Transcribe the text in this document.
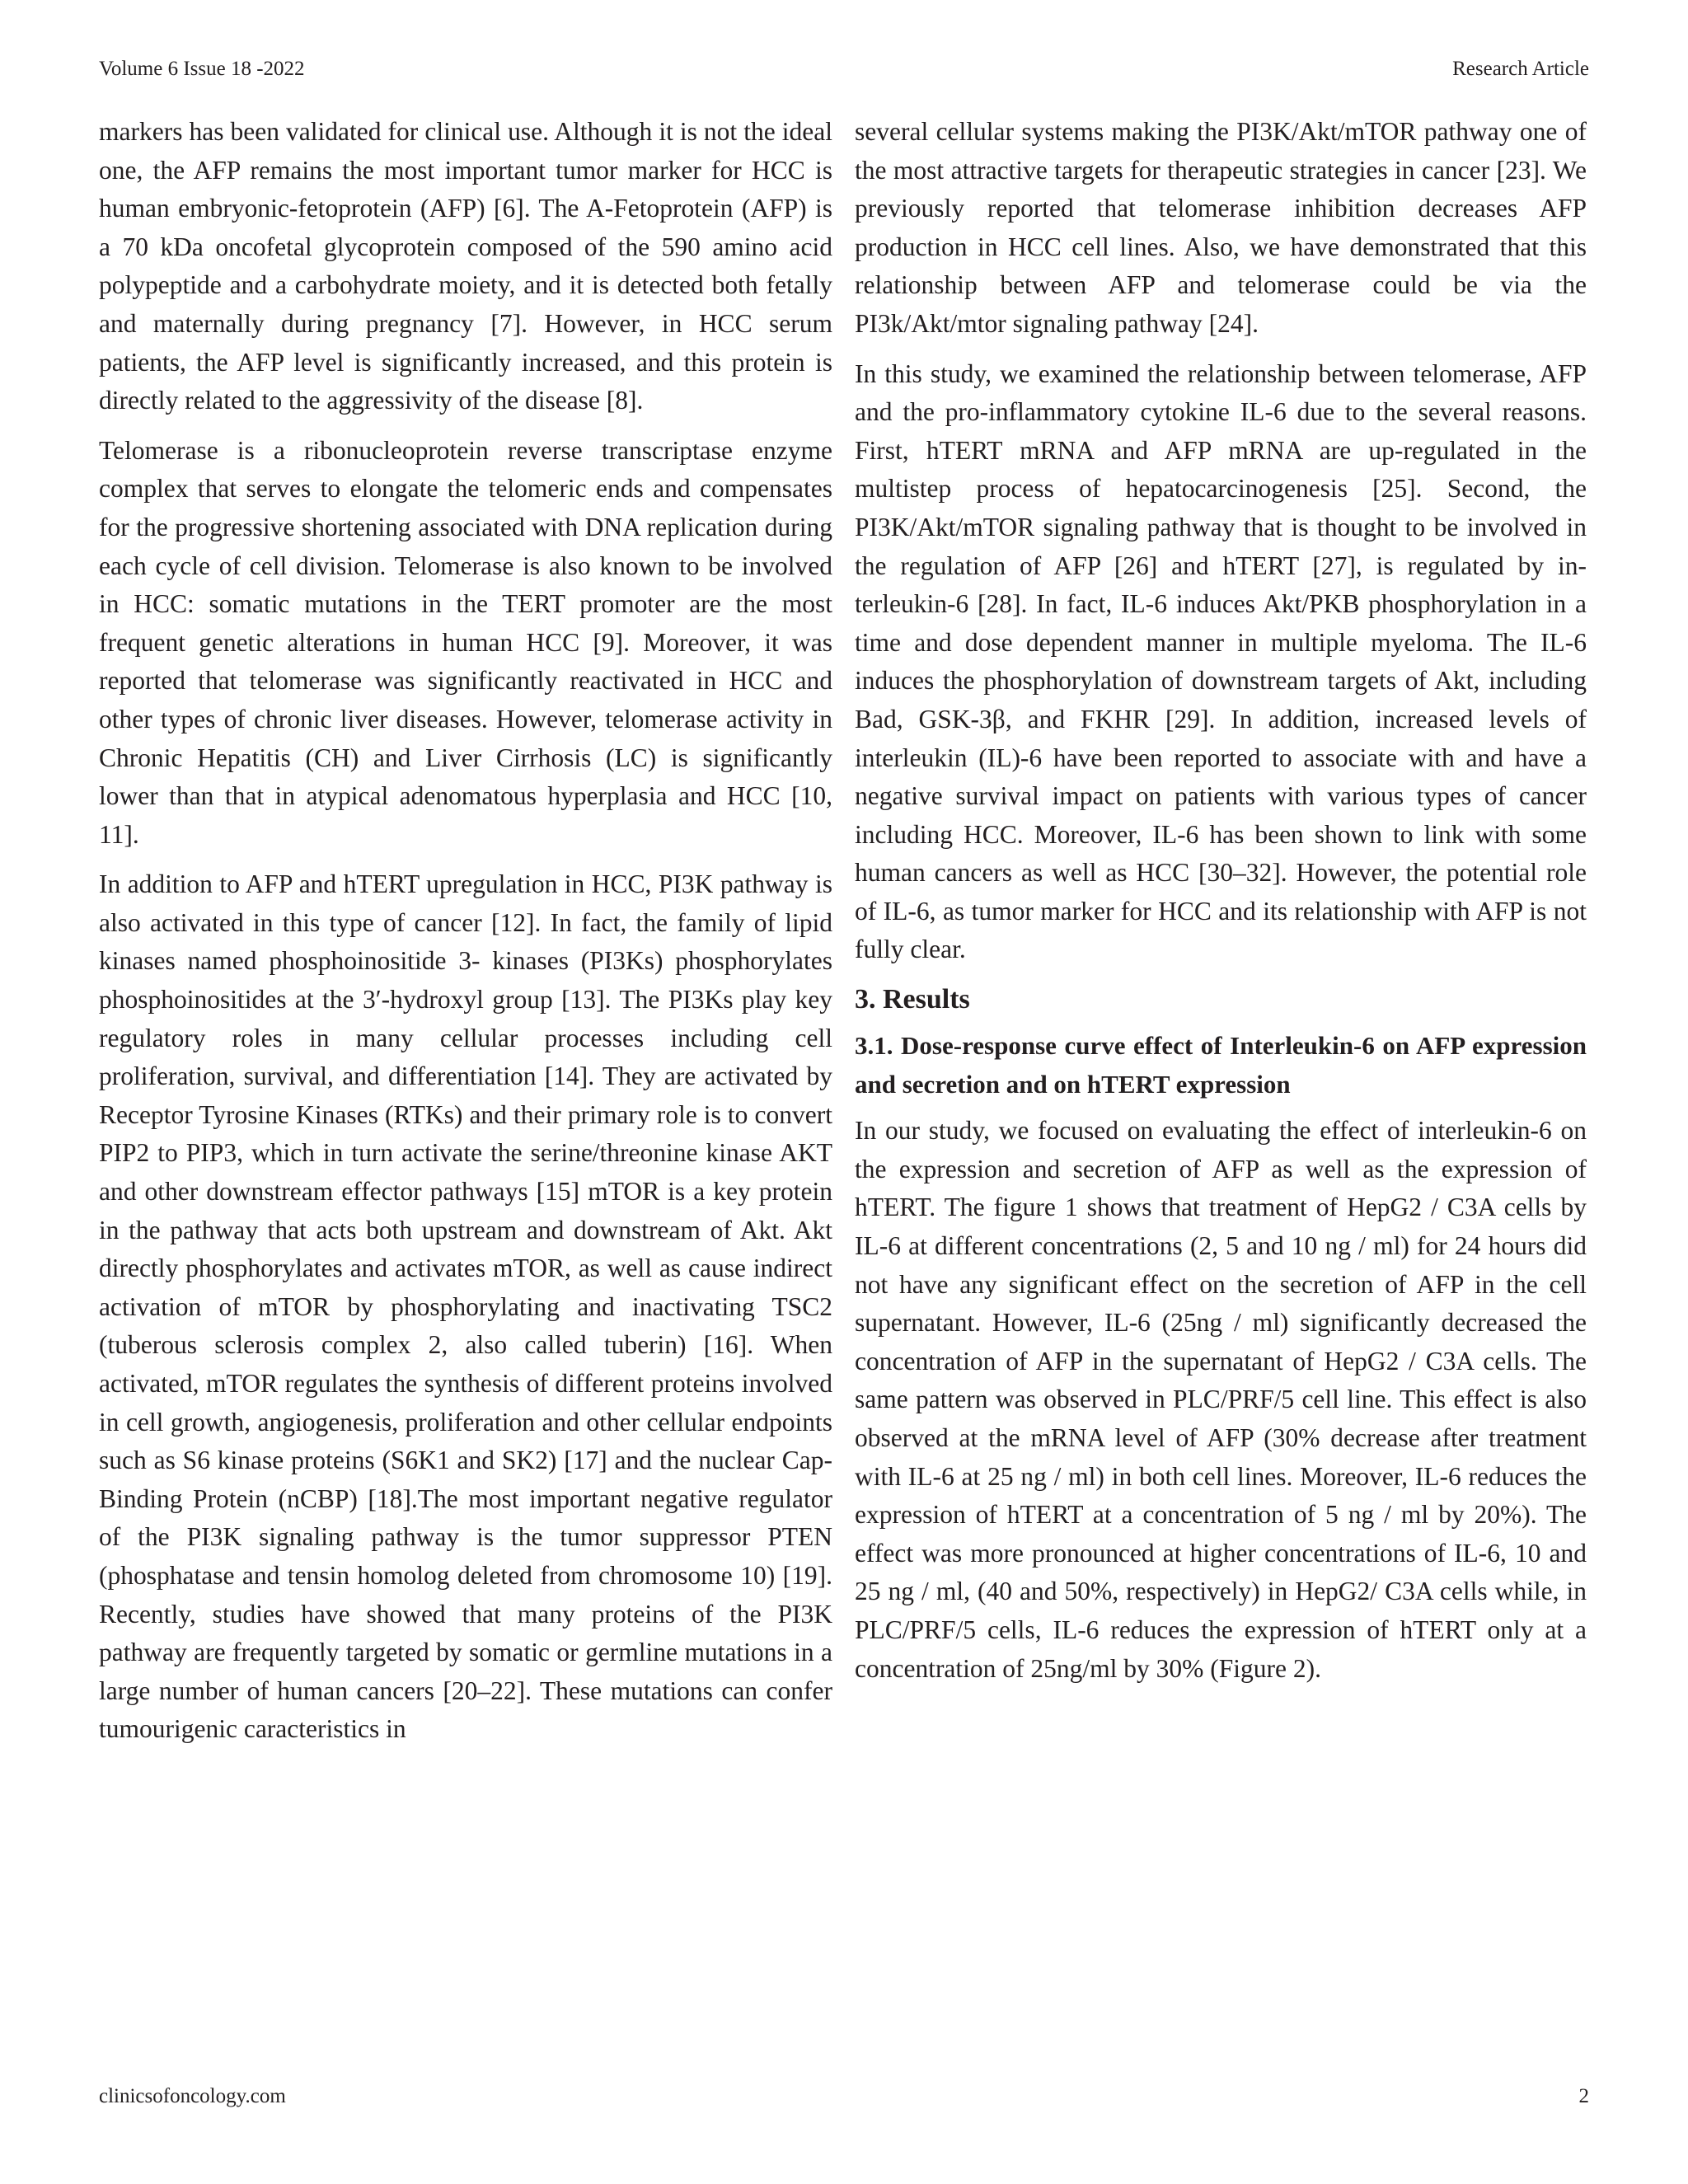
Volume 6 Issue 18 -2022	Research Article

markers has been validated for clinical use. Although it is not the ideal one, the AFP remains the most important tumor marker for HCC is human embryonic-fetoprotein (AFP) [6]. The A-Fetoprotein (AFP) is a 70 kDa oncofetal glycoprotein composed of the 590 amino acid polypeptide and a carbohydrate moiety, and it is detected both fetally and maternally during pregnancy [7]. However, in HCC serum patients, the AFP level is significantly increased, and this protein is directly related to the aggressivity of the disease [8].

Telomerase is a ribonucleoprotein reverse transcriptase enzyme complex that serves to elongate the telomeric ends and compensates for the progressive shortening associated with DNA replication during each cycle of cell division. Telomerase is also known to be involved in HCC: somatic mutations in the TERT promoter are the most frequent genetic alterations in human HCC [9]. Moreover, it was reported that telomerase was significantly reactivated in HCC and other types of chronic liver diseases. However, telomerase activity in Chronic Hepatitis (CH) and Liver Cirrhosis (LC) is significantly lower than that in atypical adenomatous hyperplasia and HCC [10, 11].

In addition to AFP and hTERT upregulation in HCC, PI3K pathway is also activated in this type of cancer [12]. In fact, the family of lipid kinases named phosphoinositide 3- kinases (PI3Ks) phosphorylates phosphoinositides at the 3′-hydroxyl group [13]. The PI3Ks play key regulatory roles in many cellular processes including cell proliferation, survival, and differentiation [14]. They are activated by Receptor Tyrosine Kinases (RTKs) and their primary role is to convert PIP2 to PIP3, which in turn activate the serine/threonine kinase AKT and other downstream effector pathways [15] mTOR is a key protein in the pathway that acts both upstream and downstream of Akt. Akt directly phosphorylates and activates mTOR, as well as cause indirect activation of mTOR by phosphorylating and inactivating TSC2 (tuberous sclerosis complex 2, also called tuberin) [16]. When activated, mTOR regulates the synthesis of different proteins involved in cell growth, angiogenesis, proliferation and other cellular endpoints such as S6 kinase proteins (S6K1 and SK2) [17] and the nuclear Cap-Binding Protein (nCBP) [18].The most important negative regulator of the PI3K signaling pathway is the tumor suppressor PTEN (phosphatase and tensin homolog deleted from chromosome 10) [19]. Recently, studies have showed that many proteins of the PI3K pathway are frequently targeted by somatic or germline mutations in a large number of human cancers [20–22]. These mutations can confer tumourigenic caracteristics in

several cellular systems making the PI3K/Akt/mTOR pathway one of the most attractive targets for therapeutic strategies in cancer [23]. We previously reported that telomerase inhibition decreases AFP production in HCC cell lines. Also, we have demonstrated that this relationship between AFP and telomerase could be via the PI3k/Akt/mtor signaling pathway [24].

In this study, we examined the relationship between telomerase, AFP and the pro-inflammatory cytokine IL-6 due to the several reasons. First, hTERT mRNA and AFP mRNA are up-regulated in the multistep process of hepatocarcinogenesis [25]. Second, the PI3K/Akt/mTOR signaling pathway that is thought to be involved in the regulation of AFP [26] and hTERT [27], is regulated by interleukin-6 [28]. In fact, IL-6 induces Akt/PKB phosphorylation in a time and dose dependent manner in multiple myeloma. The IL-6 induces the phosphorylation of downstream targets of Akt, including Bad, GSK-3β, and FKHR [29]. In addition, increased levels of interleukin (IL)-6 have been reported to associate with and have a negative survival impact on patients with various types of cancer including HCC. Moreover, IL-6 has been shown to link with some human cancers as well as HCC [30–32]. However, the potential role of IL-6, as tumor marker for HCC and its relationship with AFP is not fully clear.

3. Results
3.1. Dose-response curve effect of Interleukin-6 on AFP expression and secretion and on hTERT expression

In our study, we focused on evaluating the effect of interleukin-6 on the expression and secretion of AFP as well as the expression of hTERT. The figure 1 shows that treatment of HepG2 / C3A cells by IL-6 at different concentrations (2, 5 and 10 ng / ml) for 24 hours did not have any significant effect on the secretion of AFP in the cell supernatant. However, IL-6 (25ng / ml) significantly decreased the concentration of AFP in the supernatant of HepG2 / C3A cells. The same pattern was observed in PLC/PRF/5 cell line. This effect is also observed at the mRNA level of AFP (30% decrease after treatment with IL-6 at 25 ng / ml) in both cell lines. Moreover, IL-6 reduces the expression of hTERT at a concentration of 5 ng / ml by 20%). The effect was more pronounced at higher concentrations of IL-6, 10 and 25 ng / ml, (40 and 50%, respectively) in HepG2/ C3A cells while, in PLC/PRF/5 cells, IL-6 reduces the expression of hTERT only at a concentration of 25ng/ml by 30% (Figure 2).

clinicsofoncology.com	2
